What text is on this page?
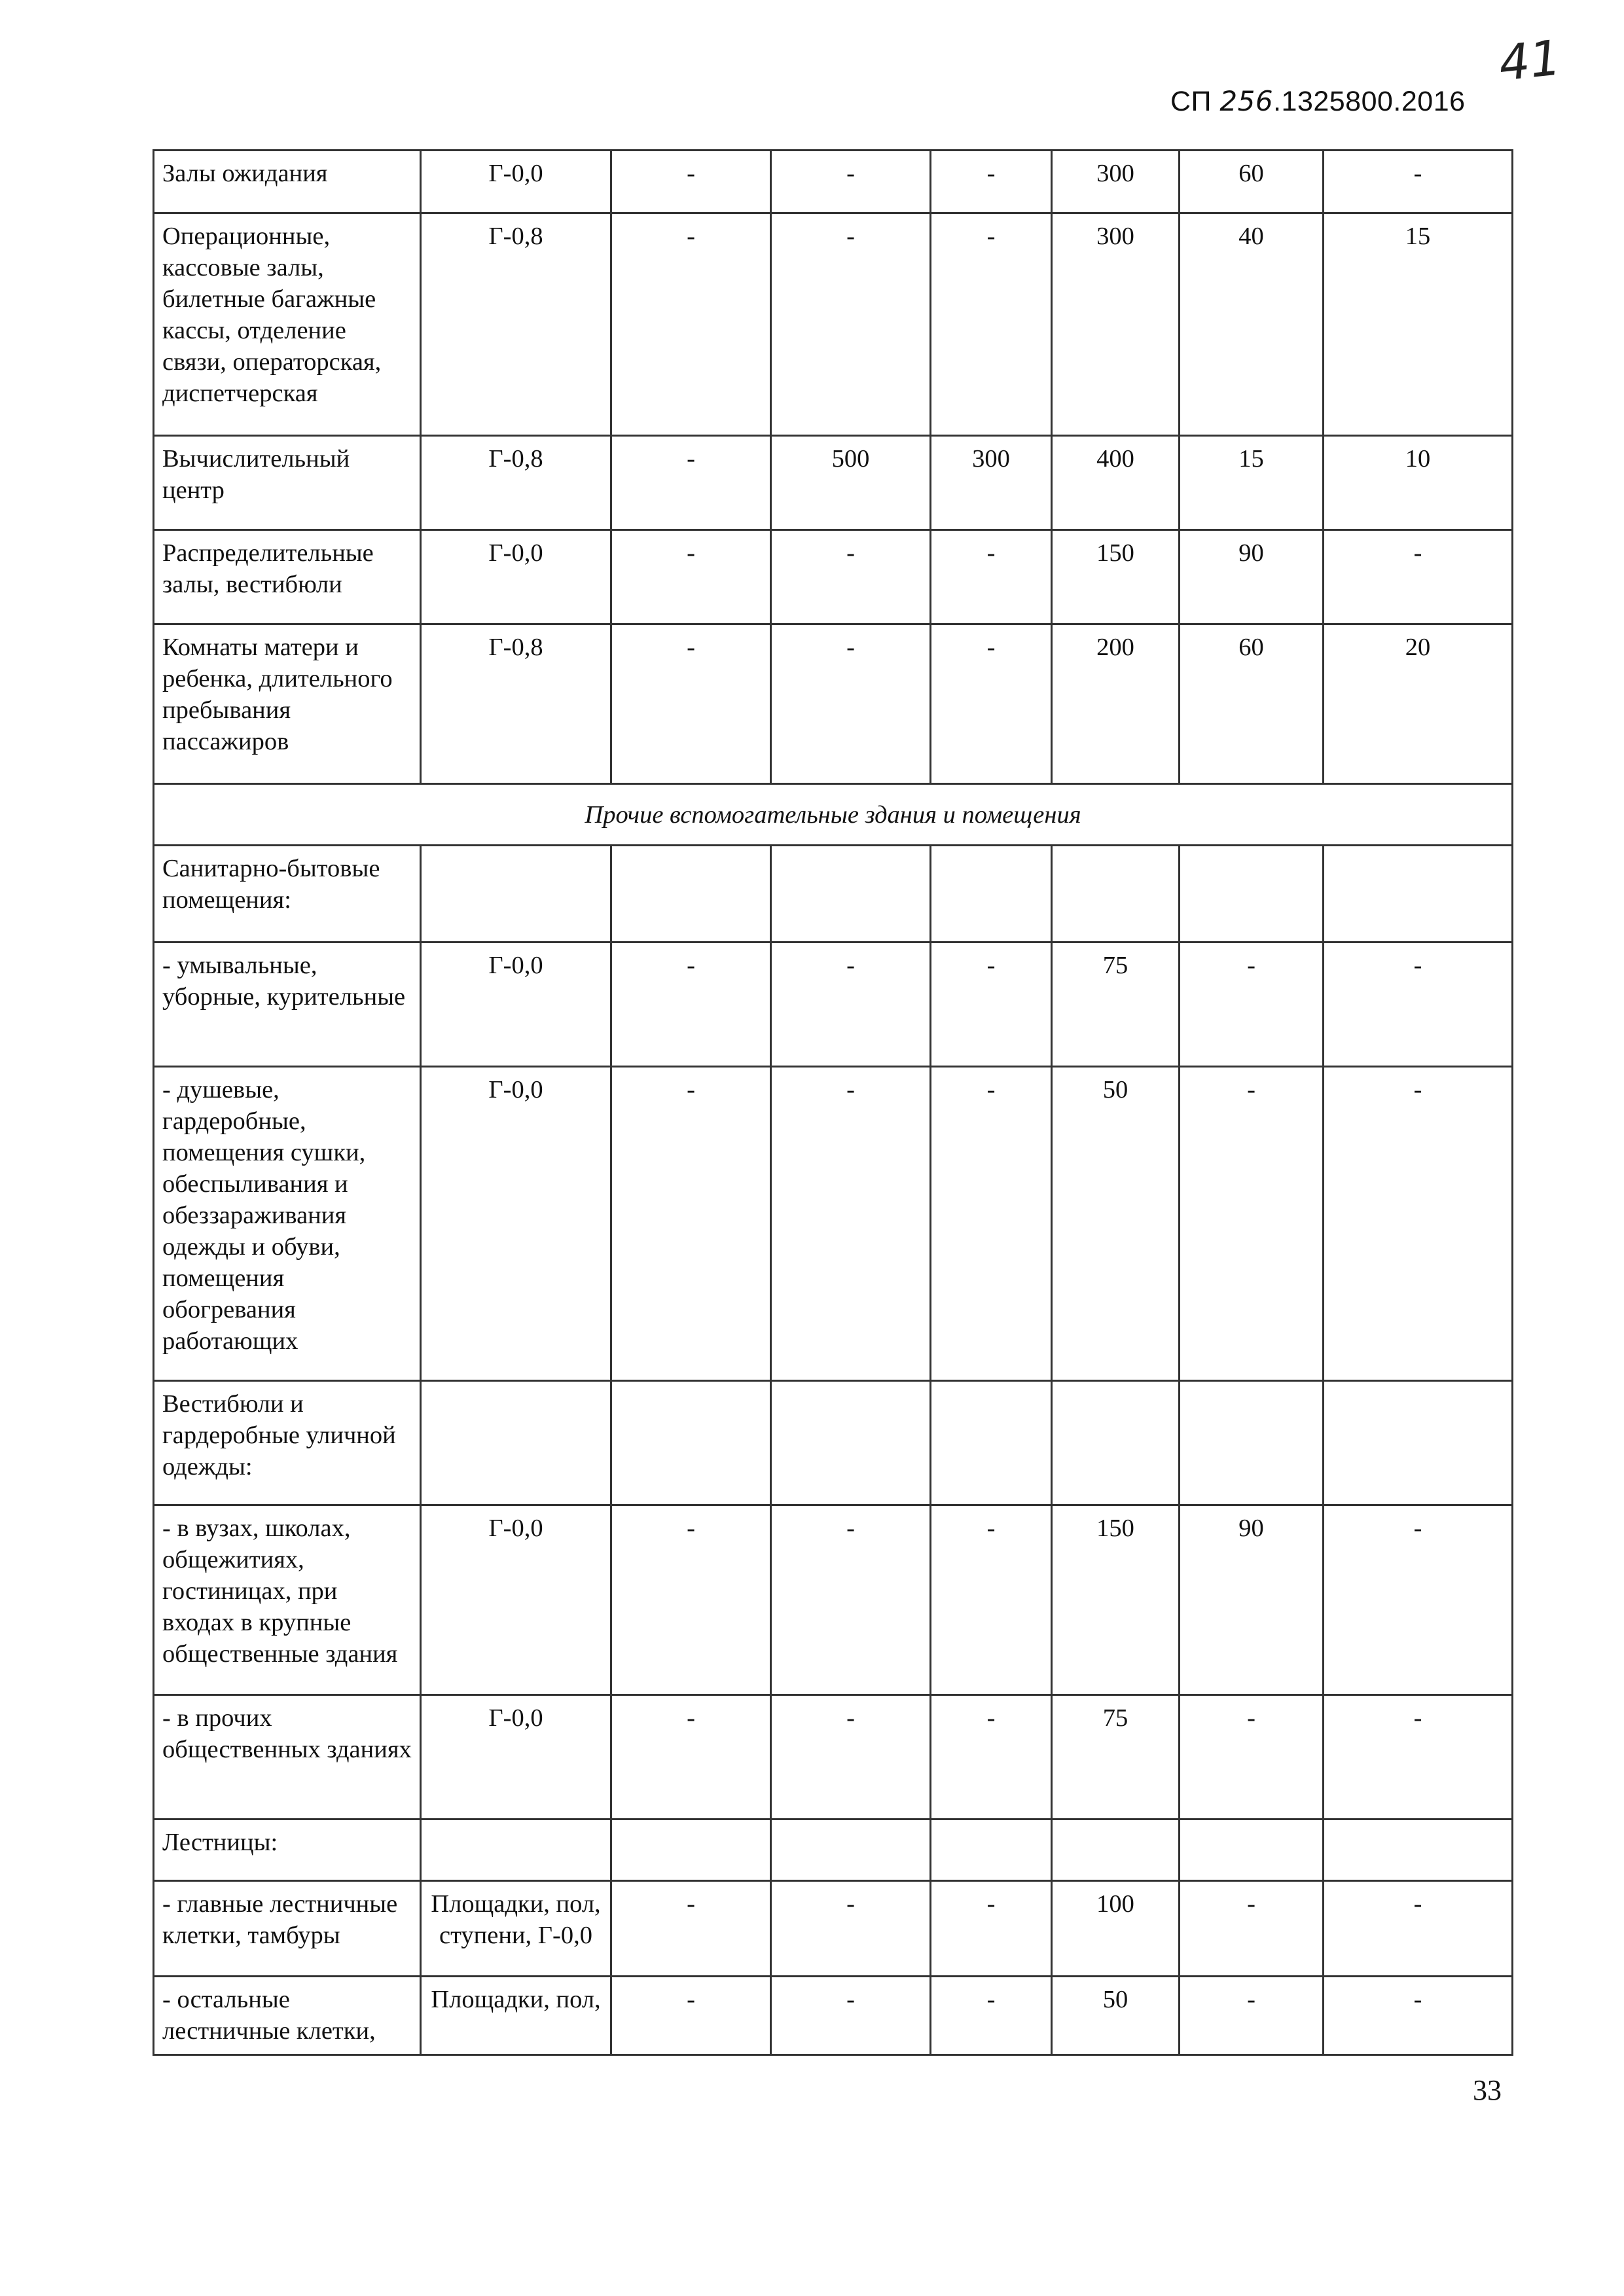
41
СП 256.1325800.2016
Залы ожидания	Г-0,0	-	-	-	300	60	-
Операционные, кассовые залы, билетные багажные кассы, отделение связи, операторская, диспетчерская	Г-0,8	-	-	-	300	40	15
Вычислительный центр	Г-0,8	-	500	300	400	15	10
Распределительные залы, вестибюли	Г-0,0	-	-	-	150	90	-
Комнаты матери и ребенка, длительного пребывания пассажиров	Г-0,8	-	-	-	200	60	20
Прочие вспомогательные здания и помещения							
Санитарно-бытовые помещения:							
- умывальные, уборные, курительные	Г-0,0	-	-	-	75	-	-
- душевые, гардеробные, помещения сушки, обеспыливания и обеззараживания одежды и обуви, помещения обогревания работающих	Г-0,0	-	-	-	50	-	-
Вестибюли и гардеробные уличной одежды:							
- в вузах, школах, общежитиях, гостиницах, при входах в крупные общественные здания	Г-0,0	-	-	-	150	90	-
- в прочих общественных зданиях	Г-0,0	-	-	-	75	-	-
Лестницы:							
- главные лестничные клетки, тамбуры	Площадки, пол, ступени, Г-0,0	-	-	-	100	-	-
- остальные лестничные клетки,	Площадки, пол,	-	-	-	50	-	-
33
